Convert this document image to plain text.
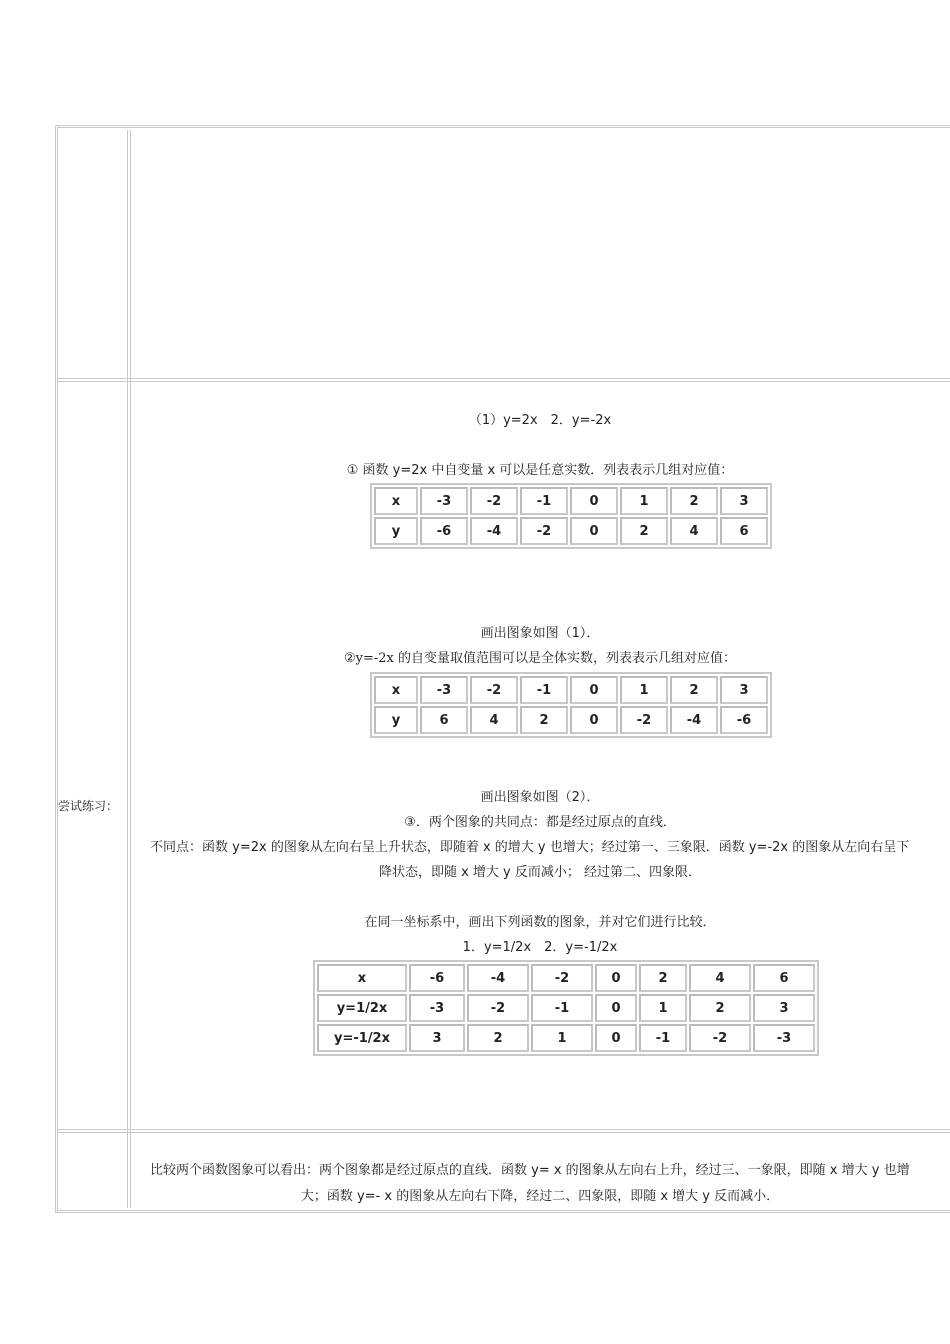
尝试练习：
（1）y=2x　2．y=-2x
① 函数 y=2x 中自变量 x 可以是任意实数．列表表示几组对应值：
x	-3	-2	-1	0	1	2	3
y	-6	-4	-2	0	2	4	6
画出图象如图（1）．
②y=-2x 的自变量取值范围可以是全体实数，列表表示几组对应值：
x	-3	-2	-1	0	1	2	3
y	6	4	2	0	-2	-4	-6
画出图象如图（2）．
③．两个图象的共同点：都是经过原点的直线．
不同点：函数 y=2x 的图象从左向右呈上升状态，即随着 x 的增大 y 也增大；经过第一、三象限．函数 y=-2x 的图象从左向右呈下
降状态，即随 x 增大 y 反而减小； 经过第二、四象限．
在同一坐标系中，画出下列函数的图象，并对它们进行比较．
1．y=1/2x　2．y=-1/2x
x	-6	-4	-2	0	2	4	6
y=1/2x	-3	-2	-1	0	1	2	3
y=-1/2x	3	2	1	0	-1	-2	-3
比较两个函数图象可以看出：两个图象都是经过原点的直线．函数 y= x 的图象从左向右上升，经过三、一象限，即随 x 增大 y 也增
大；函数 y=- x 的图象从左向右下降，经过二、四象限，即随 x 增大 y 反而减小．
